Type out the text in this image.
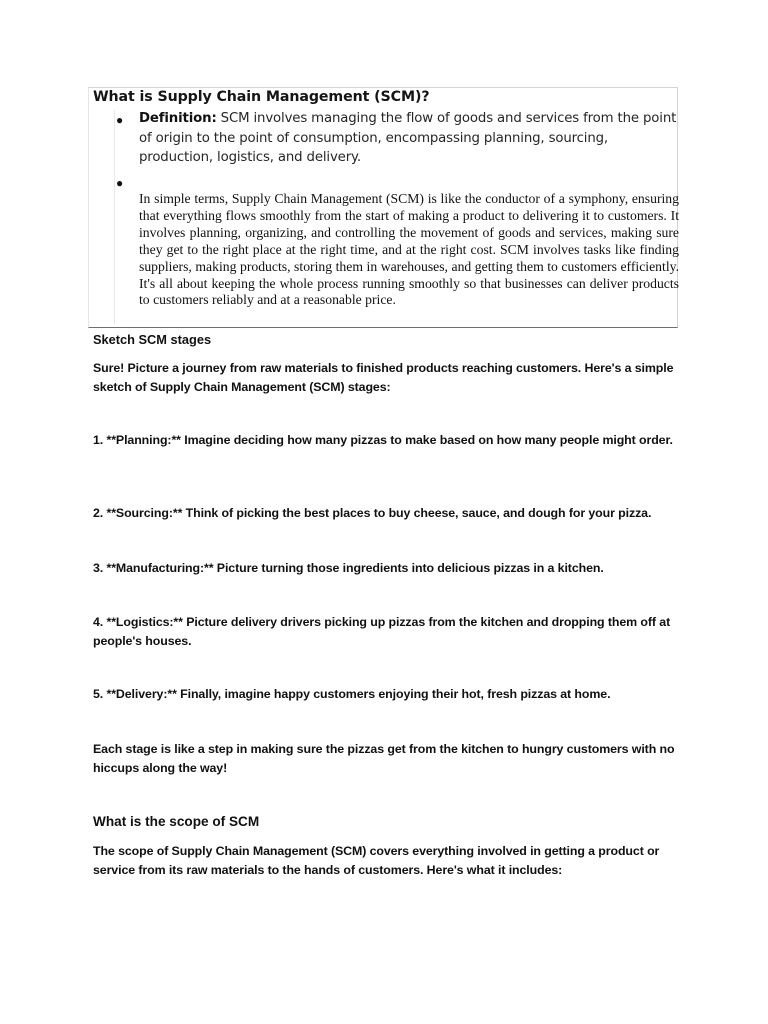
What is Supply Chain Management (SCM)?
● Definition: SCM involves managing the flow of goods and services from the point of origin to the point of consumption, encompassing planning, sourcing, production, logistics, and delivery.
●
In simple terms, Supply Chain Management (SCM) is like the conductor of a symphony, ensuring that everything flows smoothly from the start of making a product to delivering it to customers. It involves planning, organizing, and controlling the movement of goods and services, making sure they get to the right place at the right time, and at the right cost. SCM involves tasks like finding suppliers, making products, storing them in warehouses, and getting them to customers efficiently. It's all about keeping the whole process running smoothly so that businesses can deliver products to customers reliably and at a reasonable price.
Sketch SCM stages
Sure! Picture a journey from raw materials to finished products reaching customers. Here's a simple sketch of Supply Chain Management (SCM) stages:
1. **Planning:** Imagine deciding how many pizzas to make based on how many people might order.
2. **Sourcing:** Think of picking the best places to buy cheese, sauce, and dough for your pizza.
3. **Manufacturing:** Picture turning those ingredients into delicious pizzas in a kitchen.
4. **Logistics:** Picture delivery drivers picking up pizzas from the kitchen and dropping them off at people's houses.
5. **Delivery:** Finally, imagine happy customers enjoying their hot, fresh pizzas at home.
Each stage is like a step in making sure the pizzas get from the kitchen to hungry customers with no hiccups along the way!
What is the scope of SCM
The scope of Supply Chain Management (SCM) covers everything involved in getting a product or service from its raw materials to the hands of customers. Here's what it includes:
